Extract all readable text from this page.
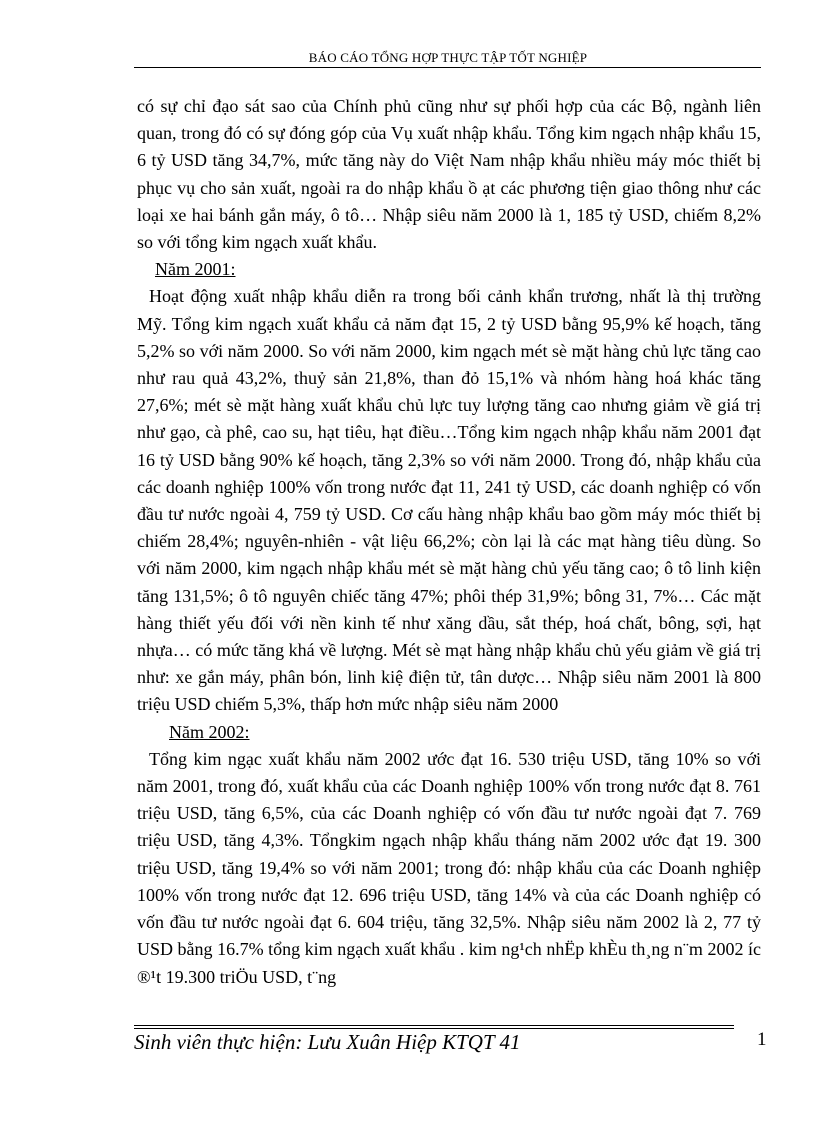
BÁO CÁO TỔNG HỢP THỰC TẬP TỐT NGHIỆP

có sự chỉ đạo sát sao của Chính phủ cũng như sự phối hợp của các Bộ, ngành liên quan, trong đó có sự đóng góp của Vụ xuất nhập khẩu. Tổng kim ngạch nhập khẩu 15, 6 tỷ USD tăng 34,7%, mức tăng này do Việt Nam nhập khẩu nhiều máy móc thiết bị phục vụ cho sản xuất, ngoài ra do nhập khẩu ồ ạt các phương tiện giao thông như các loại xe hai bánh gắn máy, ô tô… Nhập siêu năm 2000 là 1, 185 tỷ USD, chiếm 8,2% so với tổng kim ngạch xuất khẩu.

Năm 2001:

Hoạt động xuất nhập khẩu diễn ra trong bối cảnh khẩn trương, nhất là thị trường Mỹ. Tổng kim ngạch xuất khẩu cả năm đạt 15, 2 tỷ USD bằng 95,9% kế hoạch, tăng 5,2% so với năm 2000. So với năm 2000, kim ngạch mét sè mặt hàng chủ lực tăng cao như rau quả 43,2%, thuỷ sản 21,8%, than đỏ 15,1% và nhóm hàng hoá khác tăng 27,6%; mét sè mặt hàng xuất khẩu chủ lực tuy lượng tăng cao nhưng giảm về giá trị như gạo, cà phê, cao su, hạt tiêu, hạt điều…Tổng kim ngạch nhập khẩu năm 2001 đạt 16 tỷ USD bằng 90% kế hoạch, tăng 2,3% so với năm 2000. Trong đó, nhập khẩu của các doanh nghiệp 100% vốn trong nước đạt 11, 241 tỷ USD, các doanh nghiệp có vốn đầu tư nước ngoài 4, 759 tỷ USD. Cơ cấu hàng nhập khẩu bao gồm máy móc thiết bị chiếm 28,4%; nguyên-nhiên - vật liệu 66,2%; còn lại là các mạt hàng tiêu dùng. So với năm 2000, kim ngạch nhập khẩu mét sè mặt hàng chủ yếu tăng cao; ô tô linh kiện tăng 131,5%; ô tô nguyên chiếc tăng 47%; phôi thép 31,9%; bông 31, 7%… Các mặt hàng thiết yếu đối với nền kinh tế như xăng dầu, sắt thép, hoá chất, bông, sợi, hạt nhựa… có mức tăng khá về lượng. Mét sè mạt hàng nhập khẩu chủ yếu giảm về giá trị như: xe gắn máy, phân bón, linh kiệ điện tử, tân dược… Nhập siêu năm 2001 là 800 triệu USD chiếm 5,3%, thấp hơn mức nhập siêu năm 2000

Năm 2002:

Tổng kim ngạc xuất khẩu năm 2002 ước đạt 16. 530 triệu USD, tăng 10% so với năm 2001, trong đó, xuất khẩu của các Doanh nghiệp 100% vốn trong nước đạt 8. 761 triệu USD, tăng 6,5%, của các Doanh nghiệp có vốn đầu tư nước ngoài đạt 7. 769 triệu USD, tăng 4,3%. Tổngkim ngạch nhập khẩu tháng năm 2002 ước đạt 19. 300 triệu USD, tăng 19,4% so với năm 2001; trong đó: nhập khẩu của các Doanh nghiệp 100% vốn trong nước đạt 12. 696 triệu USD, tăng 14% và của các Doanh nghiệp có vốn đầu tư nước ngoài đạt 6. 604 triệu, tăng 32,5%. Nhập siêu năm 2002 là 2, 77 tỷ USD bằng 16.7% tổng kim ngạch xuất khẩu . kim ng¹ch nhËp khÈu th¸ng n¨m 2002 íc ®¹t 19.300 triÖu USD, t¨ng

Sinh viên thực hiện: Lưu Xuân Hiệp KTQT 41	1
